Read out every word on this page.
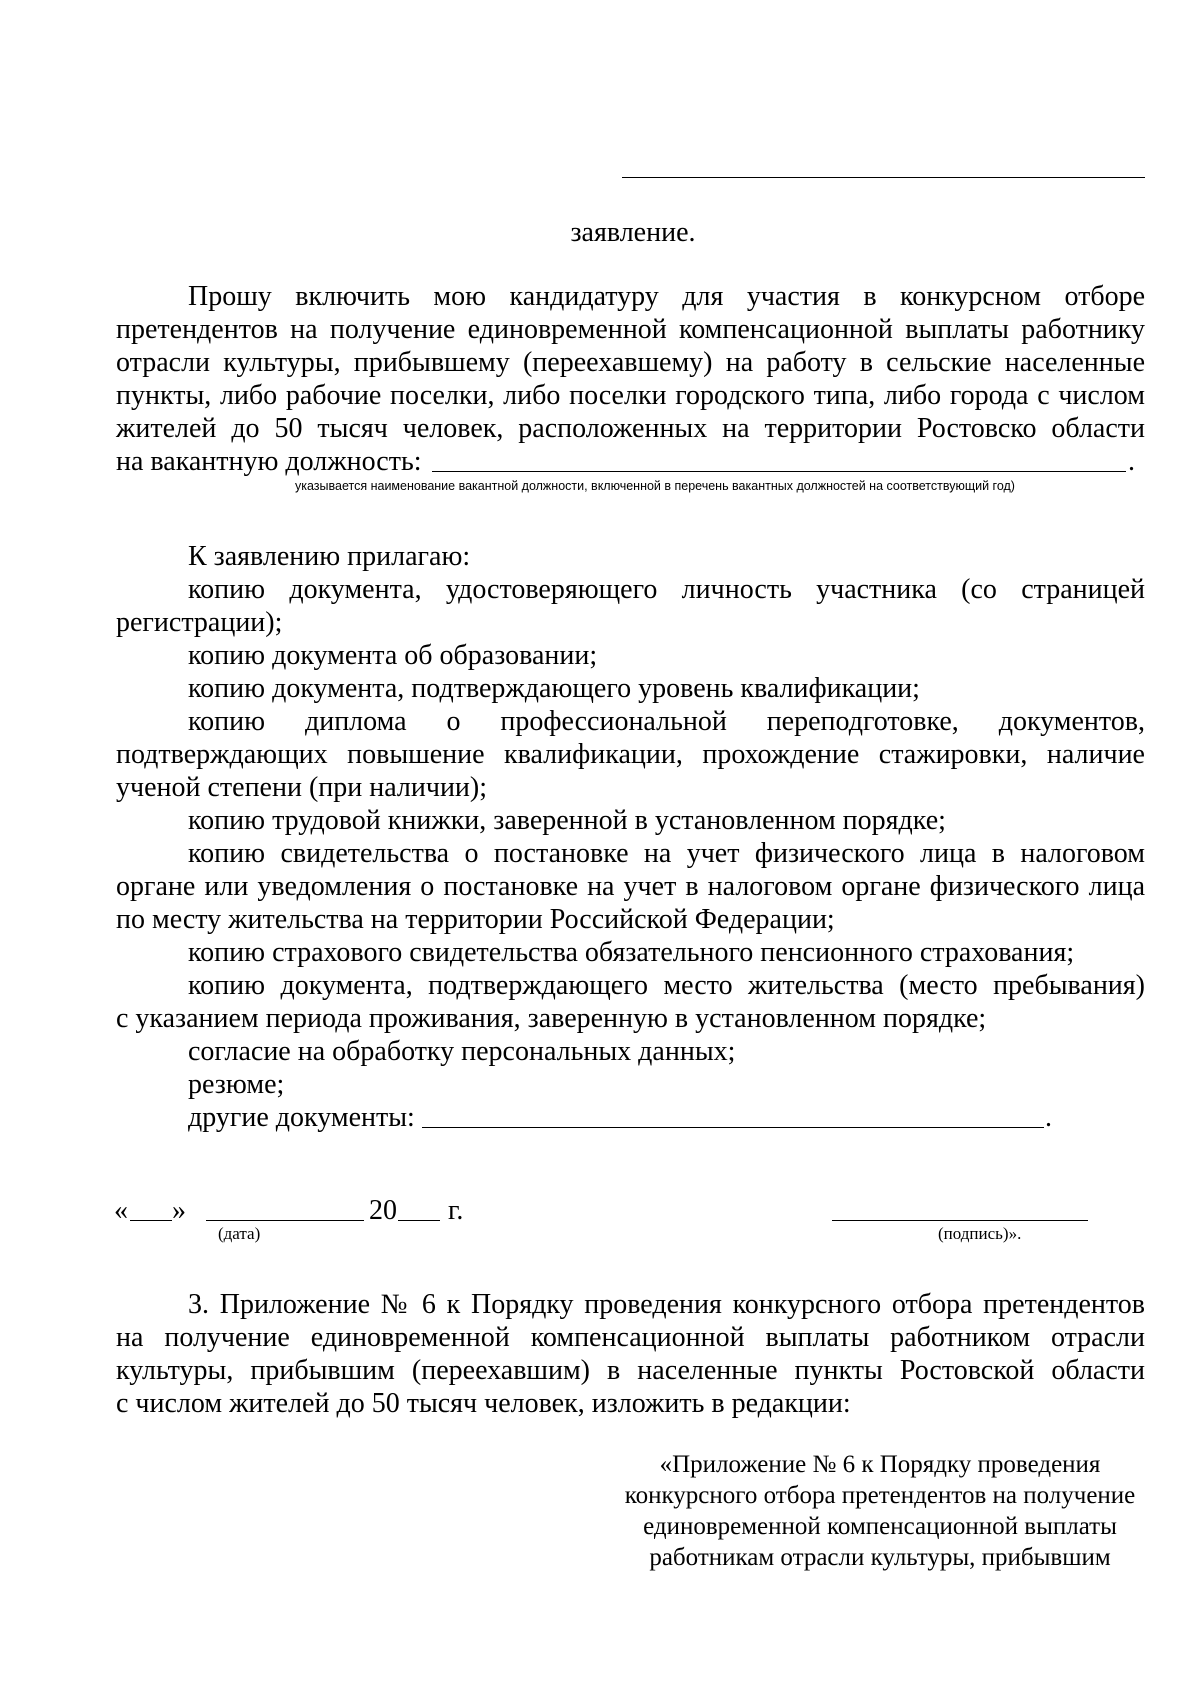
заявление.
Прошу включить мою кандидатуру для участия в конкурсном отборе
претендентов на получение единовременной компенсационной выплаты работнику
отрасли культуры, прибывшему (переехавшему) на работу в сельские населенные
пункты, либо рабочие поселки, либо поселки городского типа, либо города с числом
жителей до 50 тысяч человек, расположенных на территории Ростовско области
на вакантную должность:	.
указывается наименование вакантной должности, включенной в перечень вакантных должностей на соответствующий год)
К заявлению прилагаю:
копию документа, удостоверяющего личность участника (со страницей
регистрации);
копию документа об образовании;
копию документа, подтверждающего уровень квалификации;
копию диплома о профессиональной переподготовке, документов,
подтверждающих повышение квалификации, прохождение стажировки, наличие
ученой степени (при наличии);
копию трудовой книжки, заверенной в установленном порядке;
копию свидетельства о постановке на учет физического лица в налоговом
органе или уведомления о постановке на учет в налоговом органе физического лица
по месту жительства на территории Российской Федерации;
копию страхового свидетельства обязательного пенсионного страхования;
копию документа, подтверждающего место жительства (место пребывания)
с указанием периода проживания, заверенную в установленном порядке;
согласие на обработку персональных данных;
резюме;
другие документы:	.
« »	20 г.
(дата)	(подпись)».
3. Приложение № 6 к Порядку проведения конкурсного отбора претендентов
на получение единовременной компенсационной выплаты работником отрасли
культуры, прибывшим (переехавшим) в населенные пункты Ростовской области
с числом жителей до 50 тысяч человек, изложить в редакции:
«Приложение № 6 к Порядку проведения
конкурсного отбора претендентов на получение
единовременной компенсационной выплаты
работникам отрасли культуры, прибывшим
